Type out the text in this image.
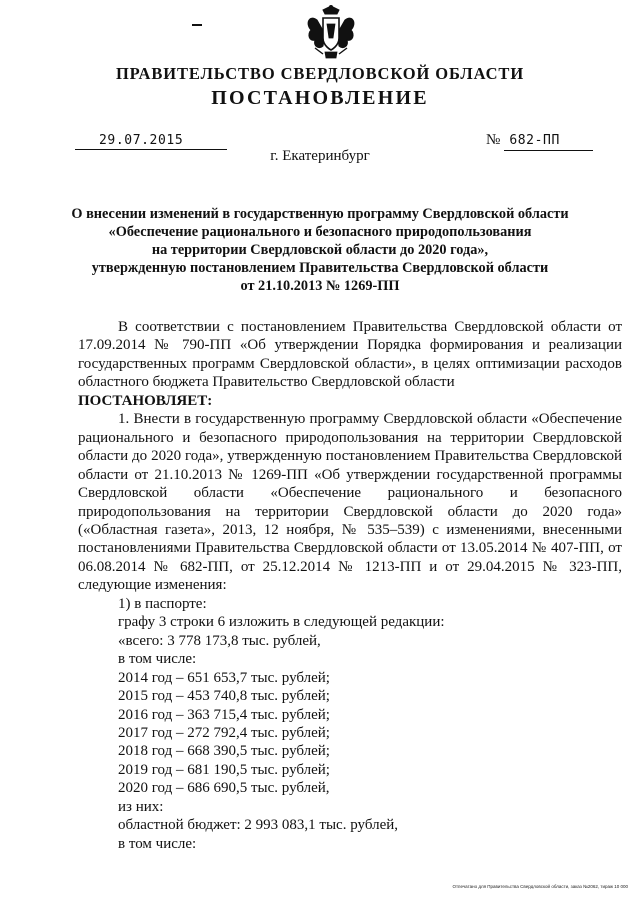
ПРАВИТЕЛЬСТВО СВЕРДЛОВСКОЙ ОБЛАСТИ
ПОСТАНОВЛЕНИЕ
29.07.2015	№ 682-ПП
г. Екатеринбург
О внесении изменений в государственную программу Свердловской области
«Обеспечение рационального и безопасного природопользования
на территории Свердловской области до 2020 года»,
утвержденную постановлением Правительства Свердловской области
от 21.10.2013 № 1269-ПП

В соответствии с постановлением Правительства Свердловской области от 17.09.2014 № 790-ПП «Об утверждении Порядка формирования и реализации государственных программ Свердловской области», в целях оптимизации расходов областного бюджета Правительство Свердловской области

ПОСТАНОВЛЯЕТ:

1. Внести в государственную программу Свердловской области «Обеспечение рационального и безопасного природопользования на территории Свердловской области до 2020 года», утвержденную постановлением Правительства Свердловской области от 21.10.2013 № 1269-ПП «Об утверждении государственной программы Свердловской области «Обеспечение рационального и безопасного природопользования на территории Свердловской области до 2020 года» («Областная газета», 2013, 12 ноября, № 535–539) с изменениями, внесенными постановлениями Правительства Свердловской области от 13.05.2014 № 407-ПП, от 06.08.2014 № 682-ПП, от 25.12.2014 № 1213-ПП и от 29.04.2015 № 323-ПП, следующие изменения:

1) в паспорте:

графу 3 строки 6 изложить в следующей редакции:

«всего: 3 778 173,8 тыс. рублей,

в том числе:

2014 год – 651 653,7 тыс. рублей;

2015 год – 453 740,8 тыс. рублей;

2016 год – 363 715,4 тыс. рублей;

2017 год – 272 792,4 тыс. рублей;

2018 год – 668 390,5 тыс. рублей;

2019 год – 681 190,5 тыс. рублей;

2020 год – 686 690,5 тыс. рублей,

из них:

областной бюджет: 2 993 083,1 тыс. рублей,

в том числе:

Отпечатано для Правительства Свердловской области, заказ №2062, тираж 10 000
